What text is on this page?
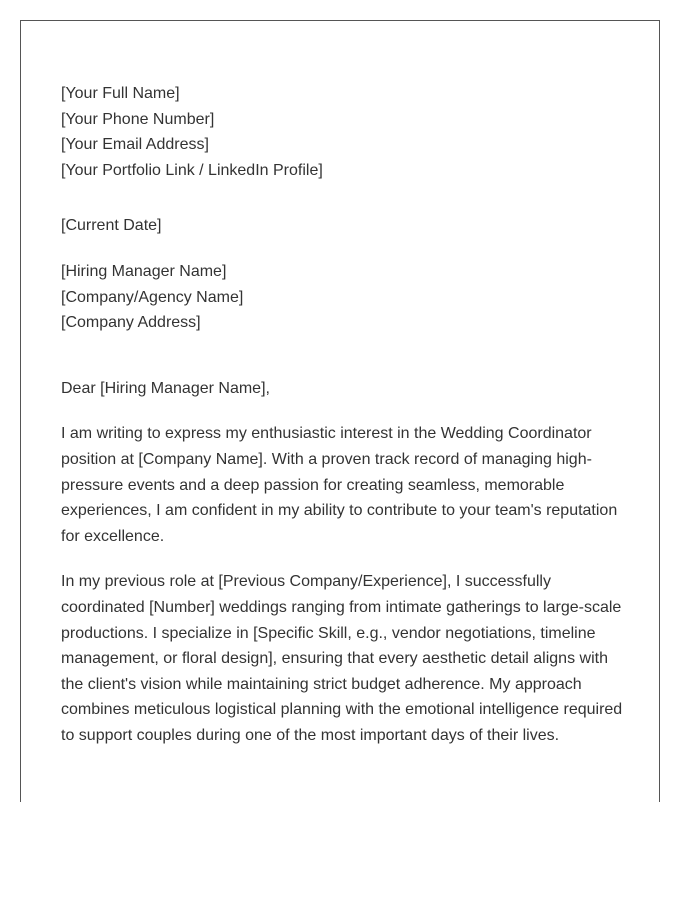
[Your Full Name]
[Your Phone Number]
[Your Email Address]
[Your Portfolio Link / LinkedIn Profile]
[Current Date]
[Hiring Manager Name]
[Company/Agency Name]
[Company Address]
Dear [Hiring Manager Name],

I am writing to express my enthusiastic interest in the Wedding Coordinator position at [Company Name]. With a proven track record of managing high-pressure events and a deep passion for creating seamless, memorable experiences, I am confident in my ability to contribute to your team's reputation for excellence.

In my previous role at [Previous Company/Experience], I successfully coordinated [Number] weddings ranging from intimate gatherings to large-scale productions. I specialize in [Specific Skill, e.g., vendor negotiations, timeline management, or floral design], ensuring that every aesthetic detail aligns with the client's vision while maintaining strict budget adherence. My approach combines meticulous logistical planning with the emotional intelligence required to support couples during one of the most important days of their lives.
